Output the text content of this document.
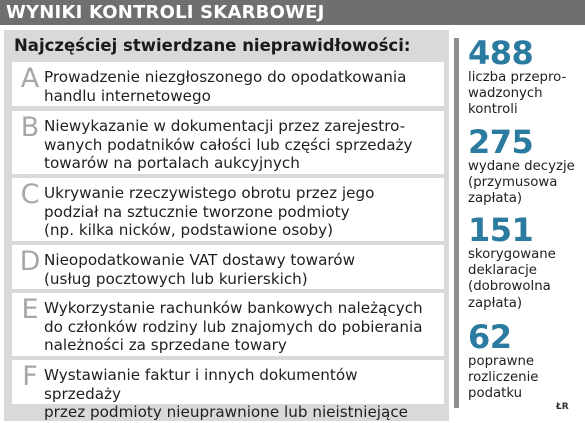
WYNIKI KONTROLI SKARBOWEJ
Najczęściej stwierdzane nieprawidłowości:
A Prowadzenie niezgłoszonego do opodatkowania
handlu internetowego
B Niewykazanie w dokumentacji przez zarejestro-
wanych podatników całości lub części sprzedaży
towarów na portalach aukcyjnych
C Ukrywanie rzeczywistego obrotu przez jego
podział na sztucznie tworzone podmioty
(np. kilka nicków, podstawione osoby)
D Nieopodatkowanie VAT dostawy towarów
(usług pocztowych lub kurierskich)
E Wykorzystanie rachunków bankowych należących
do członków rodziny lub znajomych do pobierania
należności za sprzedane towary
F Wystawianie faktur i innych dokumentów sprzedaży
przez podmioty nieuprawnione lub nieistniejące
488
liczba przepro-
wadzonych
kontroli
275
wydane decyzje
(przymusowa
zapłata)
151
skorygowane
deklaracje
(dobrowolna
zapłata)
62
poprawne
rozliczenie
podatku
ŁR
